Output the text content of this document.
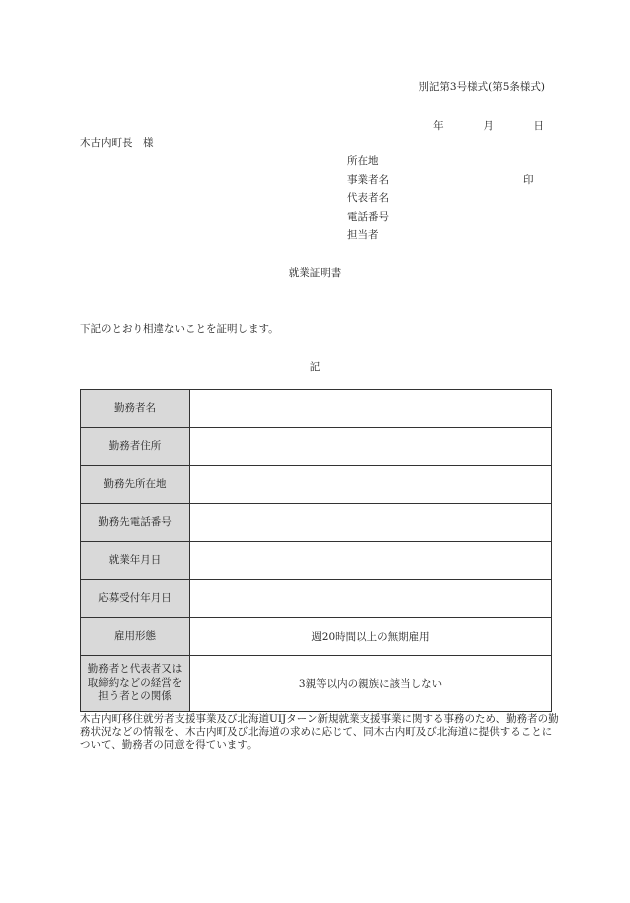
別記第3号様式(第5条様式)
年	月	日
木古内町長　様
所在地
事業者名	印
代表者名
電話番号
担当者
就業証明書
下記のとおり相違ないことを証明します。
記
勤務者名	
勤務者住所	
勤務先所在地	
勤務先電話番号	
就業年月日	
応募受付年月日	
雇用形態	週20時間以上の無期雇用

勤務者と代表者又は
取締約などの経営を
担う者との関係	3親等以内の親族に該当しない
木古内町移住就労者支援事業及び北海道UIJターン新規就業支援事業に関する事務のため、勤務者の勤務状況などの情報を、木古内町及び北海道の求めに応じて、同木古内町及び北海道に提供することについて、勤務者の同意を得ています。
